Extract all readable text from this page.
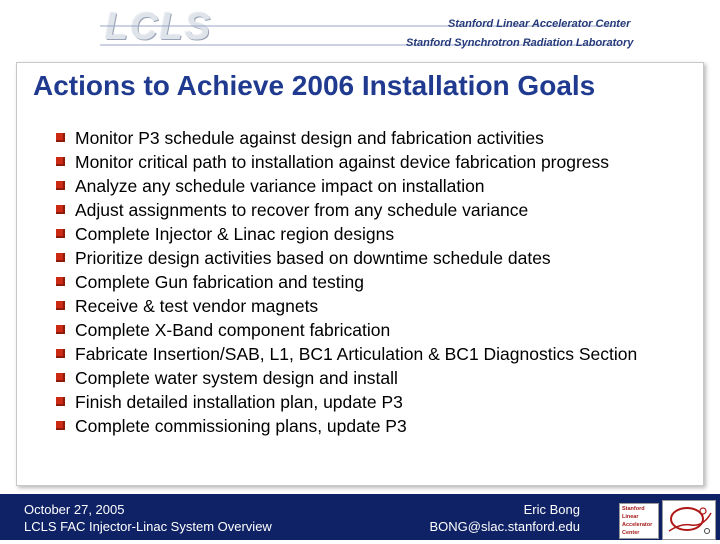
LCLS	Stanford Linear Accelerator Center
Stanford Synchrotron Radiation Laboratory
Actions to Achieve 2006 Installation Goals
Monitor P3 schedule against design and fabrication activities
Monitor critical path to installation against device fabrication progress
Analyze any schedule variance impact on installation
Adjust assignments to recover from any schedule variance
Complete Injector & Linac region designs
Prioritize design activities based on downtime schedule dates
Complete Gun fabrication and testing
Receive & test vendor magnets
Complete X-Band component fabrication
Fabricate Insertion/SAB, L1, BC1 Articulation & BC1 Diagnostics Section
Complete water system design and install
Finish detailed installation plan, update P3
Complete commissioning plans, update P3
October 27, 2005
LCLS FAC Injector-Linac System Overview
Eric Bong
BONG@slac.stanford.edu
Stanford
Linear
Accelerator
Center
